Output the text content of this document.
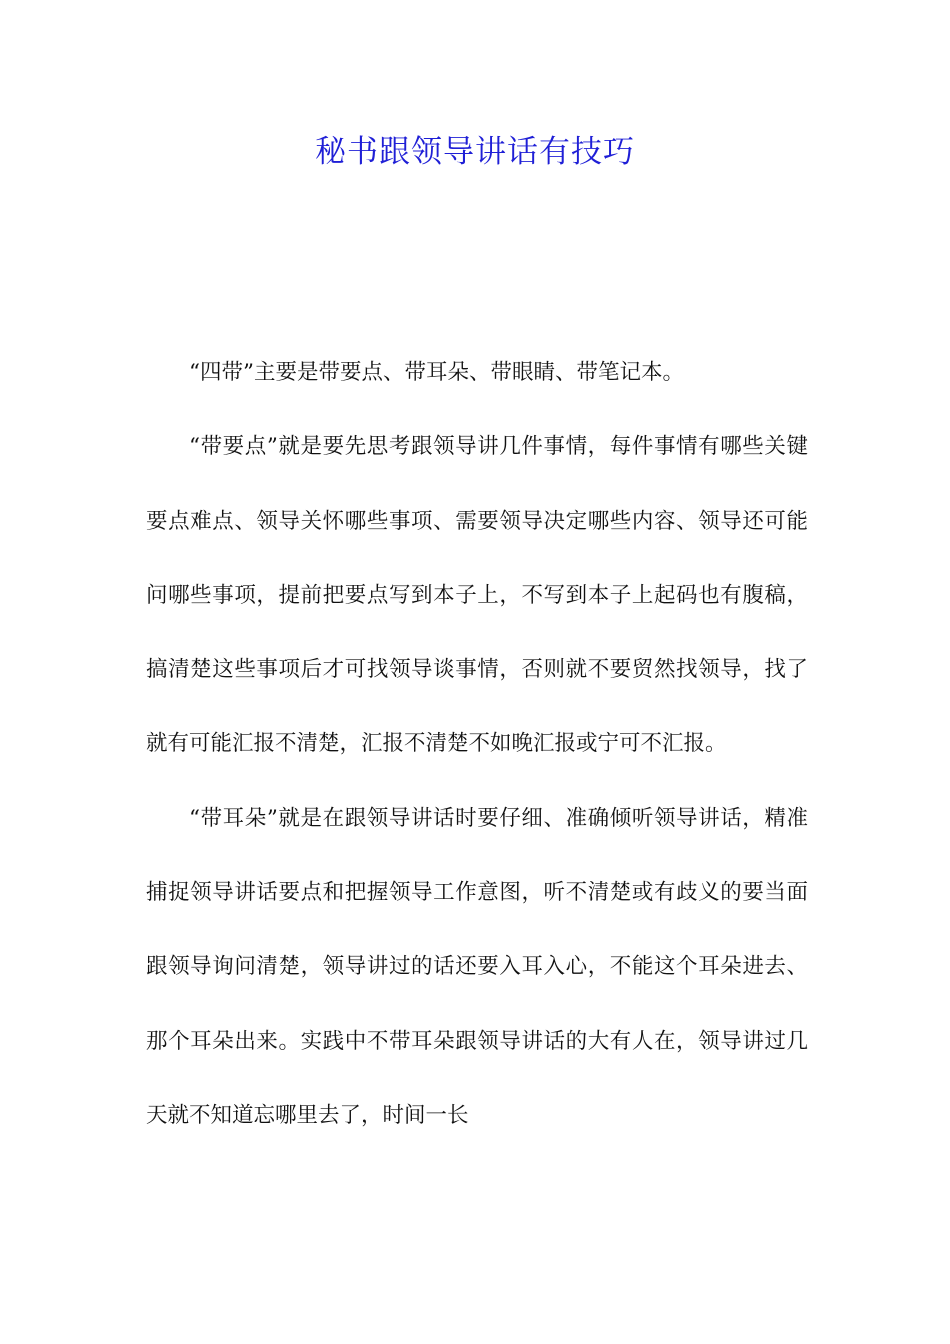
秘书跟领导讲话有技巧

“四带”主要是带要点、带耳朵、带眼睛、带笔记本。

“带要点”就是要先思考跟领导讲几件事情，每件事情有哪些关键要点难点、领导关怀哪些事项、需要领导决定哪些内容、领导还可能问哪些事项，提前把要点写到本子上，不写到本子上起码也有腹稿，搞清楚这些事项后才可找领导谈事情，否则就不要贸然找领导，找了就有可能汇报不清楚，汇报不清楚不如晚汇报或宁可不汇报。

“带耳朵”就是在跟领导讲话时要仔细、准确倾听领导讲话，精准捕捉领导讲话要点和把握领导工作意图，听不清楚或有歧义的要当面跟领导询问清楚，领导讲过的话还要入耳入心，不能这个耳朵进去、那个耳朵出来。实践中不带耳朵跟领导讲话的大有人在，领导讲过几天就不知道忘哪里去了，时间一长
